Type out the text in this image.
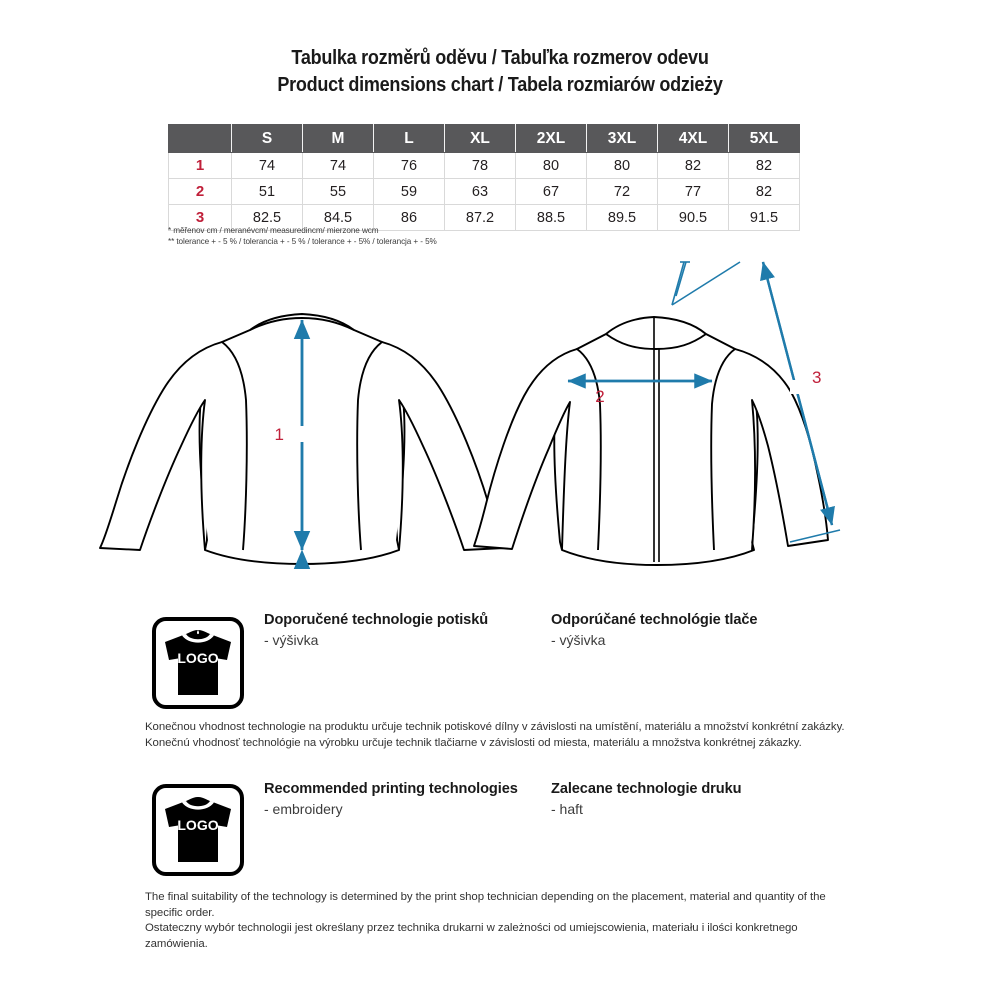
Tabulka rozměrů oděvu / Tabuľka rozmerov odevu
Product dimensions chart / Tabela rozmiarów odzieży
	S	M	L	XL	2XL	3XL	4XL	5XL
1	74	74	76	78	80	80	82	82
2	51	55	59	63	67	72	77	82
3	82.5	84.5	86	87.2	88.5	89.5	90.5	91.5
* měřenov cm / meranévcm/ measuredincm/ mierzone wcm
** tolerance + - 5 % / tolerancia + - 5 % / tolerance + - 5% / tolerancja + - 5%
1
2
3
LOGO
Doporučené technologie potisků
- výšivka
Odporúčané technológie tlače
- výšivka
Konečnou vhodnost technologie na produktu určuje technik potiskové dílny v závislosti na umístění, materiálu a množství konkrétní zakázky.
Konečnú vhodnosť technológie na výrobku určuje technik tlačiarne v závislosti od miesta, materiálu a množstva konkrétnej zákazky.
LOGO
Recommended printing technologies
- embroidery
Zalecane technologie druku
- haft
The final suitability of the technology is determined by the print shop technician depending on the placement, material and quantity of the
specific order.
Ostateczny wybór technologii jest określany przez technika drukarni w zależności od umiejscowienia, materiału i ilości konkretnego
zamówienia.
